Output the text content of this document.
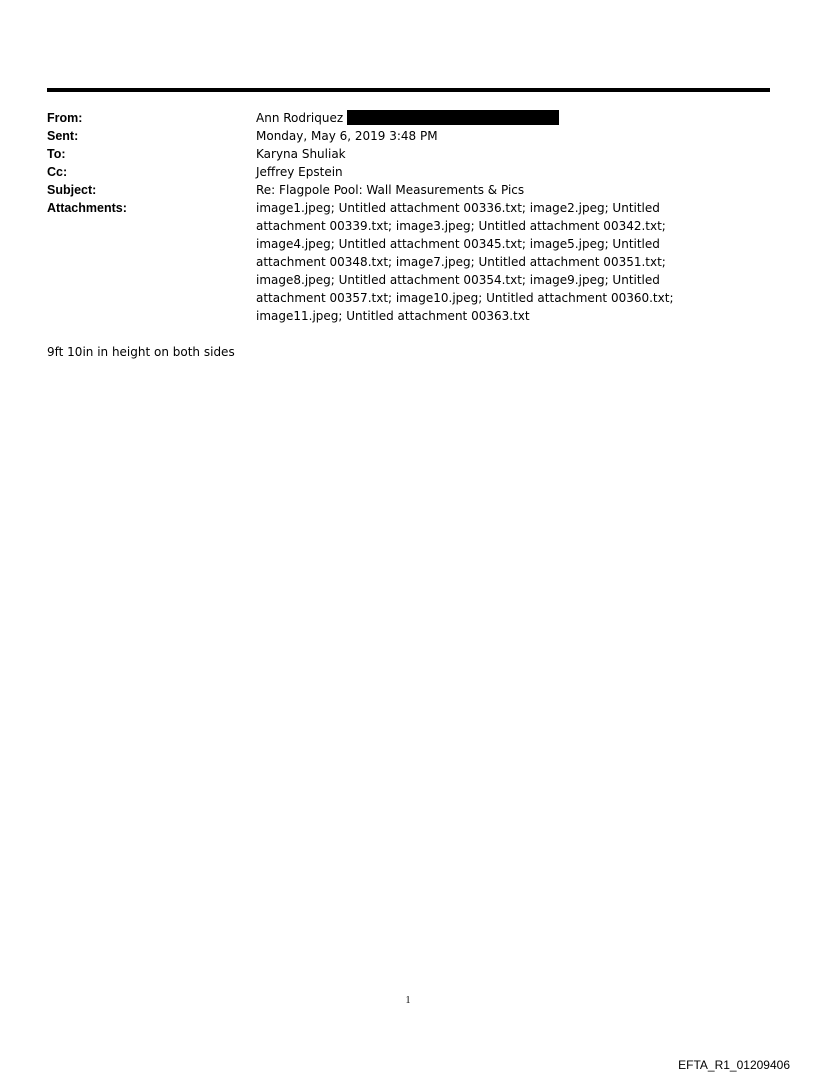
From:	Ann Rodriquez
Sent:	Monday, May 6, 2019 3:48 PM
To:	Karyna Shuliak
Cc:	Jeffrey Epstein
Subject:	Re: Flagpole Pool: Wall Measurements & Pics
Attachments:	image1.jpeg; Untitled attachment 00336.txt; image2.jpeg; Untitled attachment 00339.txt; image3.jpeg; Untitled attachment 00342.txt; image4.jpeg; Untitled attachment 00345.txt; image5.jpeg; Untitled attachment 00348.txt; image7.jpeg; Untitled attachment 00351.txt; image8.jpeg; Untitled attachment 00354.txt; image9.jpeg; Untitled attachment 00357.txt; image10.jpeg; Untitled attachment 00360.txt; image11.jpeg; Untitled attachment 00363.txt
9ft 10in in height on both sides
1
EFTA_R1_01209406
